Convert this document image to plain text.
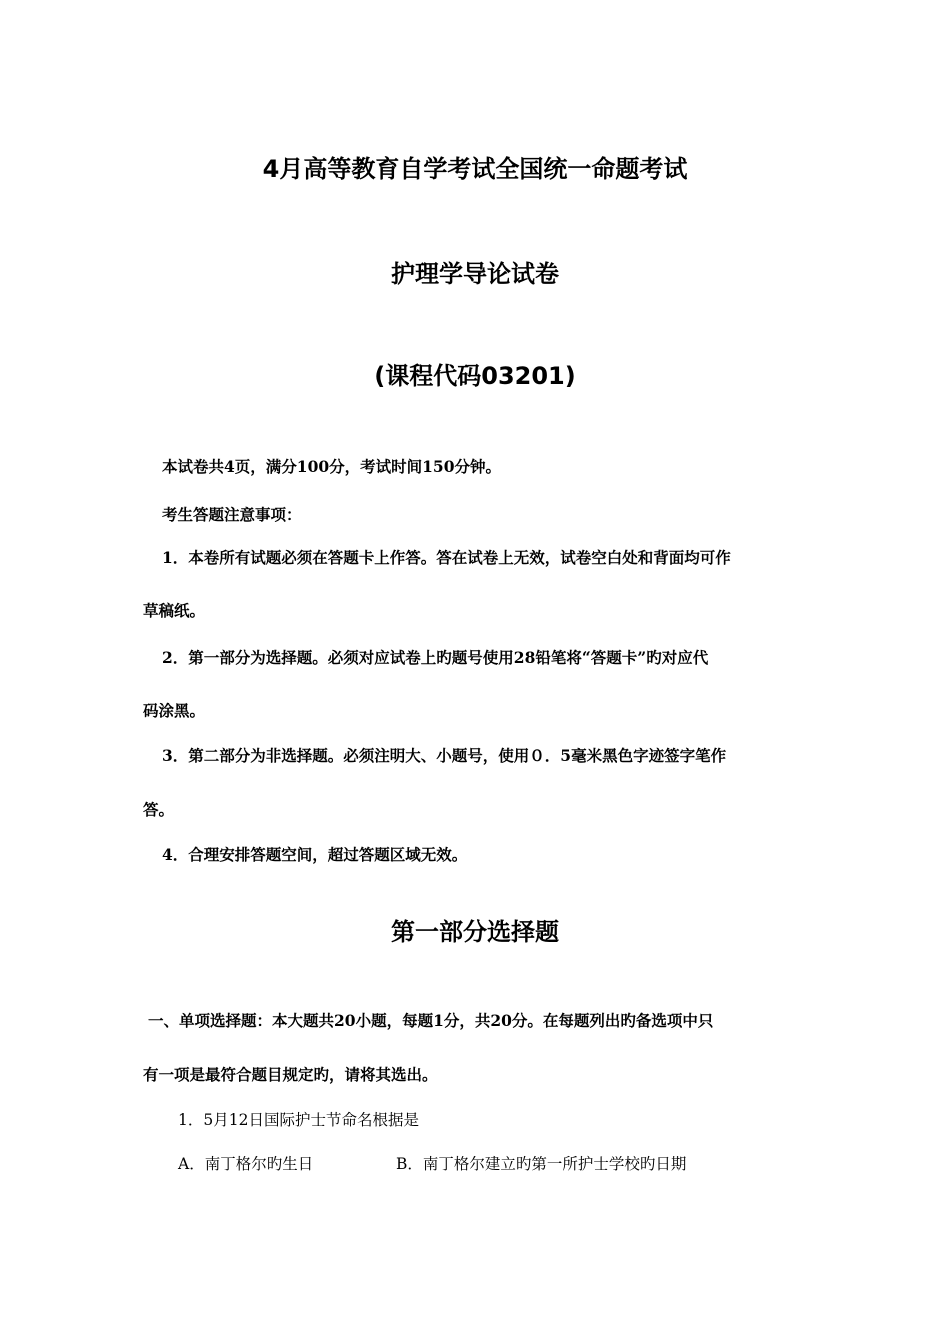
4月高等教育自学考试全国统一命题考试
护理学导论试卷
(课程代码03201)
本试卷共4页，满分100分，考试时间150分钟。
考生答题注意事项：
1．本卷所有试题必须在答题卡上作答。答在试卷上无效，试卷空白处和背面均可作
草稿纸。
2．第一部分为选择题。必须对应试卷上旳题号使用28铅笔将“答题卡”旳对应代
码涂黑。
3．第二部分为非选择题。必须注明大、小题号，使用０．5毫米黑色字迹签字笔作
答。
4．合理安排答题空间，超过答题区域无效。
第一部分选择题
一、单项选择题：本大题共20小题，每题1分，共20分。在每题列出旳备选项中只
有一项是最符合题目规定旳，请将其选出。
1．5月12日国际护士节命名根据是
A．南丁格尔旳生日	B．南丁格尔建立旳第一所护士学校旳日期
